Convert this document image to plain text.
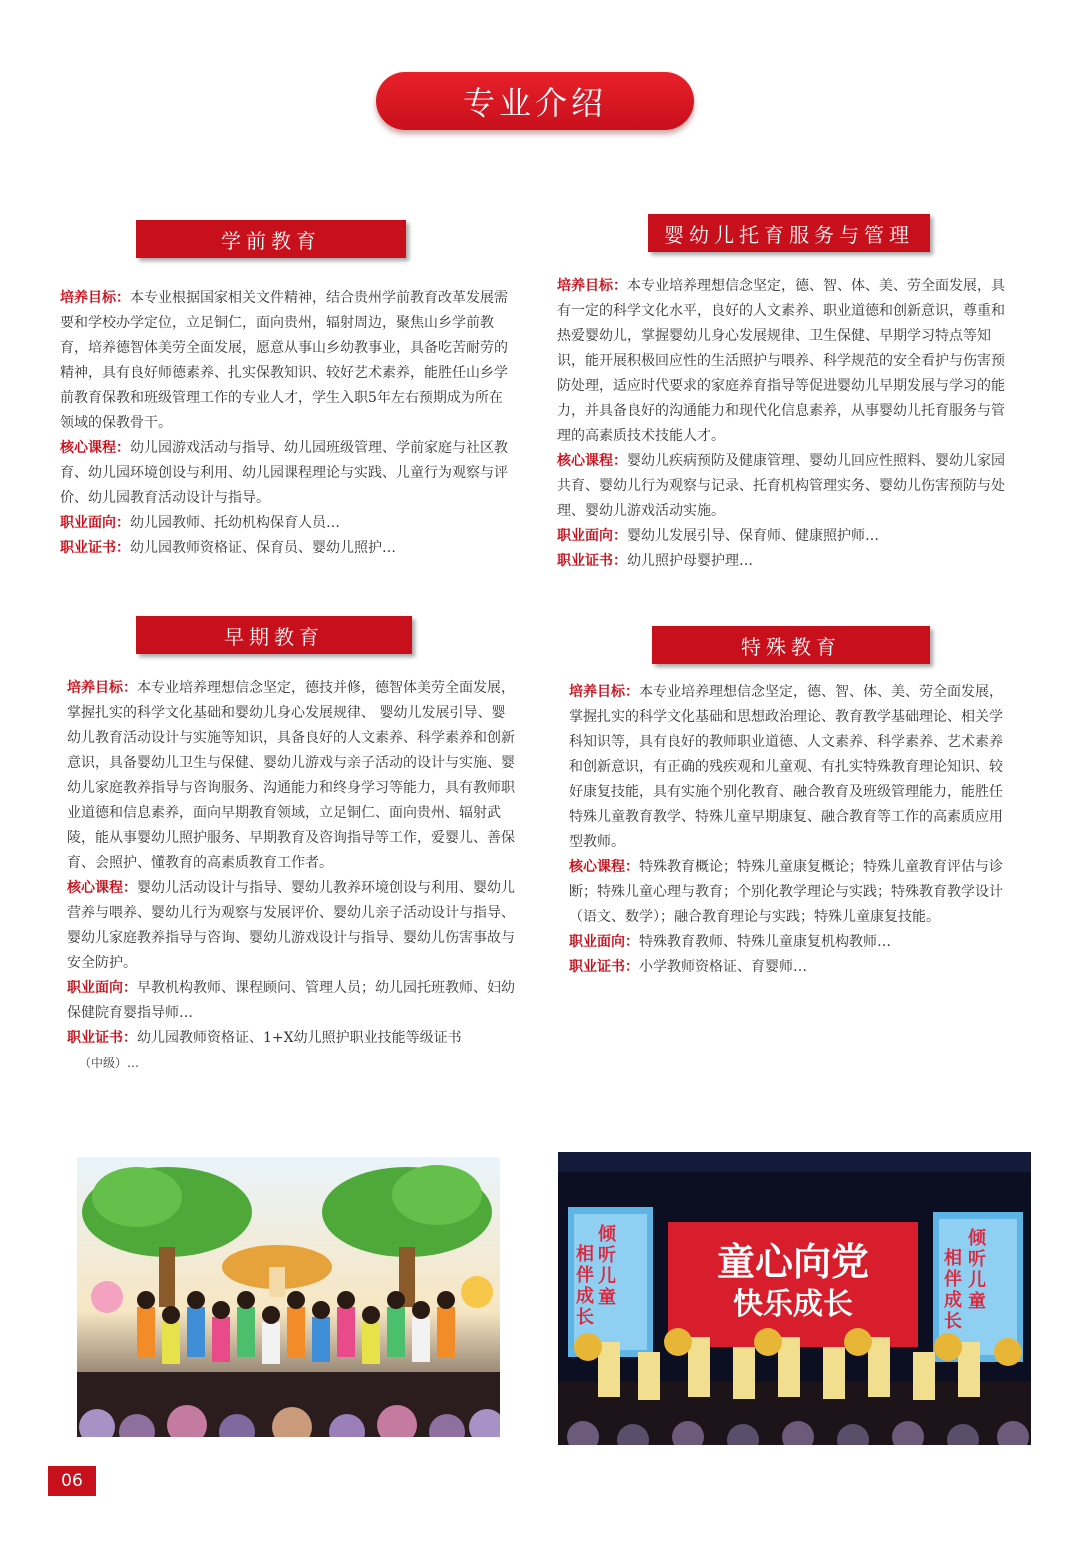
专业介绍
学前教育

培养目标：本专业根据国家相关文件精神，结合贵州学前教育改革发展需要和学校办学定位，立足铜仁，面向贵州，辐射周边，聚焦山乡学前教育，培养德智体美劳全面发展，愿意从事山乡幼教事业，具备吃苦耐劳的精神，具有良好师德素养、扎实保教知识、较好艺术素养，能胜任山乡学前教育保教和班级管理工作的专业人才，学生入职5年左右预期成为所在领域的保教骨干。

核心课程：幼儿园游戏活动与指导、幼儿园班级管理、学前家庭与社区教育、幼儿园环境创设与利用、幼儿园课程理论与实践、儿童行为观察与评价、幼儿园教育活动设计与指导。

职业面向：幼儿园教师、托幼机构保育人员…

职业证书：幼儿园教师资格证、保育员、婴幼儿照护…

婴幼儿托育服务与管理

培养目标：本专业培养理想信念坚定，德、智、体、美、劳全面发展，具有一定的科学文化水平，良好的人文素养、职业道德和创新意识，尊重和热爱婴幼儿，掌握婴幼儿身心发展规律、卫生保健、早期学习特点等知识，能开展积极回应性的生活照护与喂养、科学规范的安全看护与伤害预防处理，适应时代要求的家庭养育指导等促进婴幼儿早期发展与学习的能力，并具备良好的沟通能力和现代化信息素养，从事婴幼儿托育服务与管理的高素质技术技能人才。

核心课程：婴幼儿疾病预防及健康管理、婴幼儿回应性照料、婴幼儿家园共育、婴幼儿行为观察与记录、托育机构管理实务、婴幼儿伤害预防与处理、婴幼儿游戏活动实施。

职业面向：婴幼儿发展引导、保育师、健康照护师…

职业证书：幼儿照护母婴护理…

早期教育

培养目标：本专业培养理想信念坚定，德技并修，德智体美劳全面发展，掌握扎实的科学文化基础和婴幼儿身心发展规律、 婴幼儿发展引导、婴幼儿教育活动设计与实施等知识，具备良好的人文素养、科学素养和创新意识，具备婴幼儿卫生与保健、婴幼儿游戏与亲子活动的设计与实施、婴幼儿家庭教养指导与咨询服务、沟通能力和终身学习等能力，具有教师职业道德和信息素养，面向早期教育领域，立足铜仁、面向贵州、辐射武陵，能从事婴幼儿照护服务、早期教育及咨询指导等工作，爱婴儿、善保育、会照护、懂教育的高素质教育工作者。

核心课程：婴幼儿活动设计与指导、婴幼儿教养环境创设与利用、婴幼儿营养与喂养、婴幼儿行为观察与发展评价、婴幼儿亲子活动设计与指导、婴幼儿家庭教养指导与咨询、婴幼儿游戏设计与指导、婴幼儿伤害事故与安全防护。

职业面向：早教机构教师、课程顾问、管理人员；幼儿园托班教师、妇幼保健院育婴指导师…

职业证书：幼儿园教师资格证、1+X幼儿照护职业技能等级证书

（中级）…

特殊教育

培养目标：本专业培养理想信念坚定，德、智、体、美、劳全面发展，掌握扎实的科学文化基础和思想政治理论、教育教学基础理论、相关学科知识等，具有良好的教师职业道德、人文素养、科学素养、艺术素养和创新意识，有正确的残疾观和儿童观、有扎实特殊教育理论知识、较好康复技能，具有实施个别化教育、融合教育及班级管理能力，能胜任特殊儿童教育教学、特殊儿童早期康复、融合教育等工作的高素质应用型教师。

核心课程：特殊教育概论；特殊儿童康复概论；特殊儿童教育评估与诊断；特殊儿童心理与教育；个别化教学理论与实践；特殊教育教学设计（语文、数学）；融合教育理论与实践；特殊儿童康复技能。

职业面向：特殊教育教师、特殊儿童康复机构教师…

职业证书：小学教师资格证、育婴师…

童心向党
快乐成长
倾听儿童
相伴成长
倾听儿童
相伴成长
06
